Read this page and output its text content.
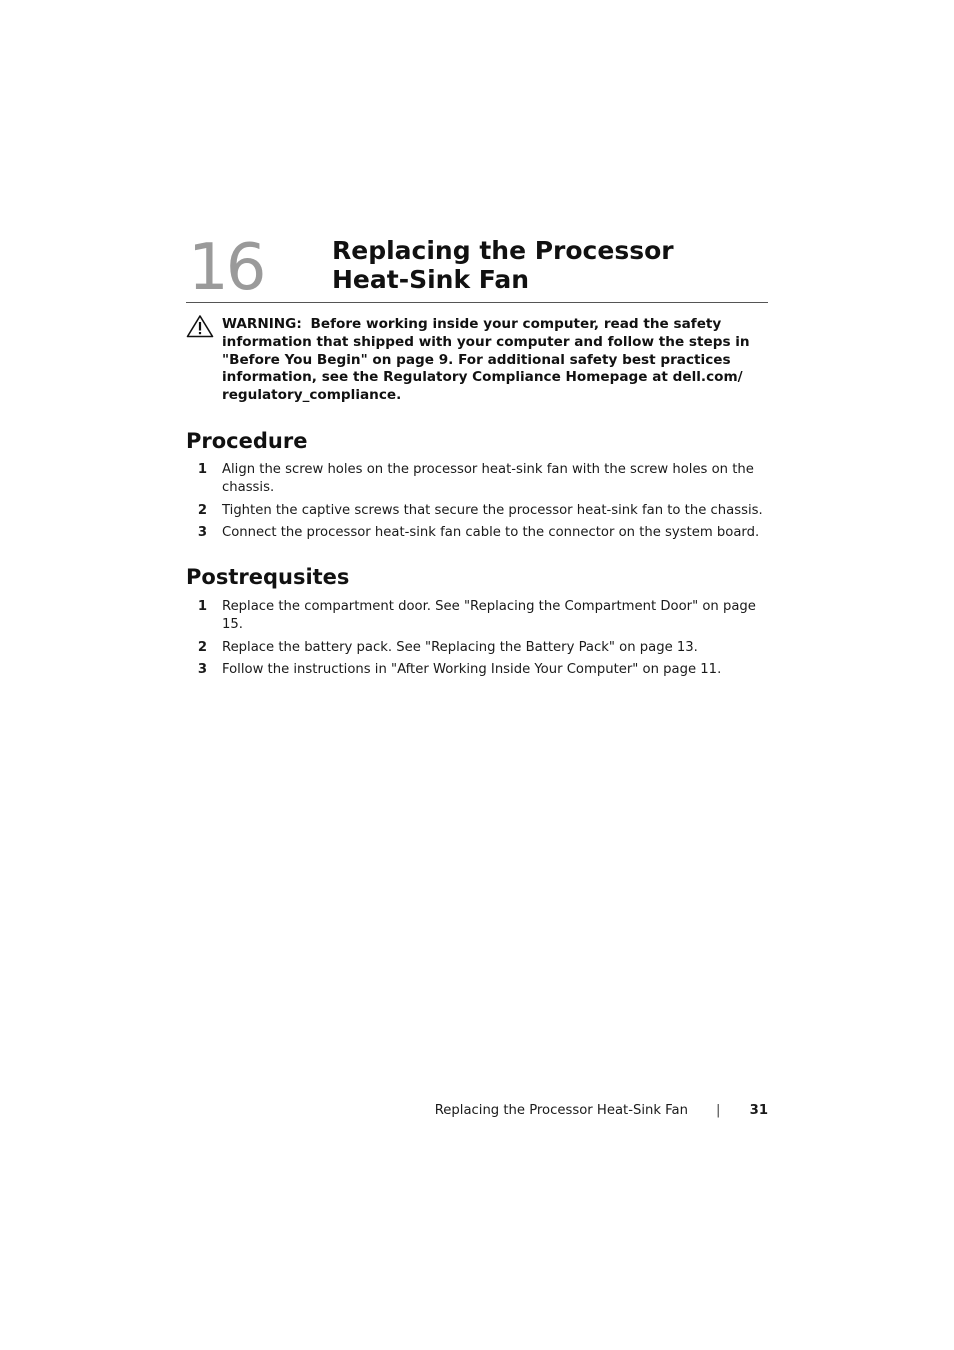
16	Replacing the Processor
Heat-Sink Fan
WARNING: Before working inside your computer, read the safety information that shipped with your computer and follow the steps in "Before You Begin" on page 9. For additional safety best practices information, see the Regulatory Compliance Homepage at dell.com/ regulatory_compliance.
Procedure
1 Align the screw holes on the processor heat-sink fan with the screw holes on the chassis.
2 Tighten the captive screws that secure the processor heat-sink fan to the chassis.
3 Connect the processor heat-sink fan cable to the connector on the system board.
Postrequsites
1 Replace the compartment door. See "Replacing the Compartment Door" on page 15.
2 Replace the battery pack. See "Replacing the Battery Pack" on page 13.
3 Follow the instructions in "After Working Inside Your Computer" on page 11.
Replacing the Processor Heat-Sink Fan | 31
